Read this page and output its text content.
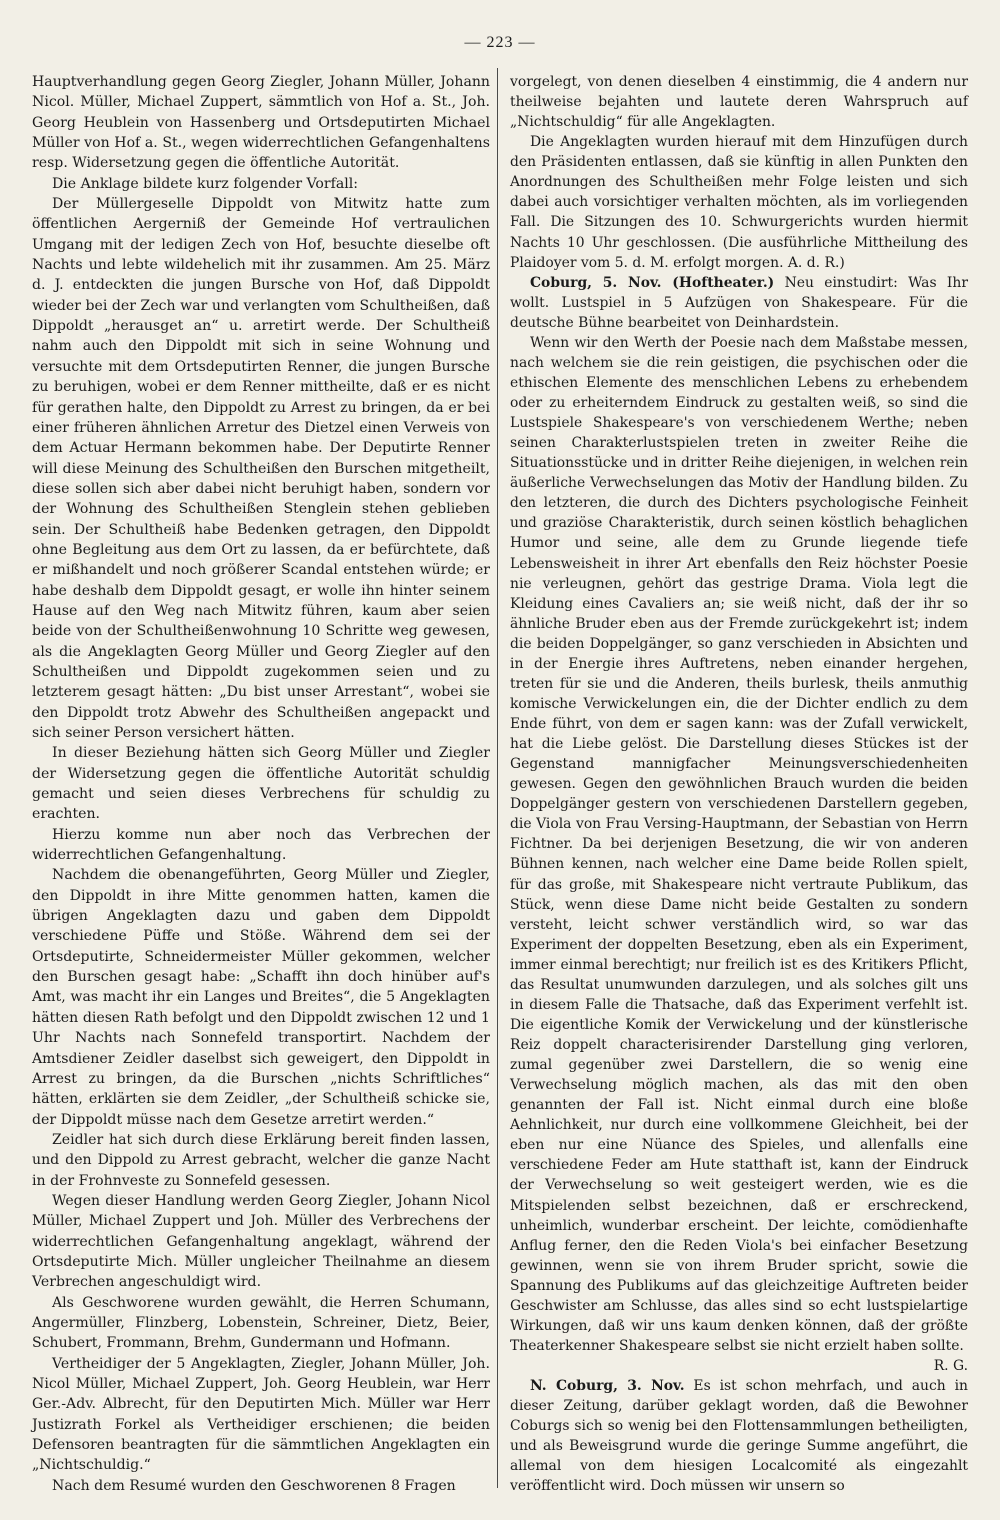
— 223 —

Hauptverhandlung gegen Georg Ziegler, Johann Müller, Johann Nicol. Müller, Michael Zuppert, sämmtlich von Hof a. St., Joh. Georg Heublein von Hassenberg und Ortsdeputirten Michael Müller von Hof a. St., wegen widerrechtlichen Gefangenhaltens resp. Widersetzung gegen die öffentliche Autorität.

Die Anklage bildete kurz folgender Vorfall:

Der Müllergeselle Dippoldt von Mitwitz hatte zum öffentlichen Aergerniß der Gemeinde Hof vertraulichen Umgang mit der ledigen Zech von Hof, besuchte dieselbe oft Nachts und lebte wildehelich mit ihr zusammen. Am 25. März d. J. entdeckten die jungen Bursche von Hof, daß Dippoldt wieder bei der Zech war und verlangten vom Schultheißen, daß Dippoldt „herausget an“ u. arretirt werde. Der Schultheiß nahm auch den Dippoldt mit sich in seine Wohnung und versuchte mit dem Ortsdeputirten Renner, die jungen Bursche zu beruhigen, wobei er dem Renner mittheilte, daß er es nicht für gerathen halte, den Dippoldt zu Arrest zu bringen, da er bei einer früheren ähnlichen Arretur des Dietzel einen Verweis von dem Actuar Hermann bekommen habe. Der Deputirte Renner will diese Meinung des Schultheißen den Burschen mitgetheilt, diese sollen sich aber dabei nicht beruhigt haben, sondern vor der Wohnung des Schultheißen Stenglein stehen geblieben sein. Der Schultheiß habe Bedenken getragen, den Dippoldt ohne Begleitung aus dem Ort zu lassen, da er befürchtete, daß er mißhandelt und noch größerer Scandal entstehen würde; er habe deshalb dem Dippoldt gesagt, er wolle ihn hinter seinem Hause auf den Weg nach Mitwitz führen, kaum aber seien beide von der Schultheißenwohnung 10 Schritte weg gewesen, als die Angeklagten Georg Müller und Georg Ziegler auf den Schultheißen und Dippoldt zugekommen seien und zu letzterem gesagt hätten: „Du bist unser Arrestant“, wobei sie den Dippoldt trotz Abwehr des Schultheißen angepackt und sich seiner Person versichert hätten.

In dieser Beziehung hätten sich Georg Müller und Ziegler der Widersetzung gegen die öffentliche Autorität schuldig gemacht und seien dieses Verbrechens für schuldig zu erachten.

Hierzu komme nun aber noch das Verbrechen der widerrechtlichen Gefangenhaltung.

Nachdem die obenangeführten, Georg Müller und Ziegler, den Dippoldt in ihre Mitte genommen hatten, kamen die übrigen Angeklagten dazu und gaben dem Dippoldt verschiedene Püffe und Stöße. Während dem sei der Ortsdeputirte, Schneidermeister Müller gekommen, welcher den Burschen gesagt habe: „Schafft ihn doch hinüber auf's Amt, was macht ihr ein Langes und Breites“, die 5 Angeklagten hätten diesen Rath befolgt und den Dippoldt zwischen 12 und 1 Uhr Nachts nach Sonnefeld transportirt. Nachdem der Amtsdiener Zeidler daselbst sich geweigert, den Dippoldt in Arrest zu bringen, da die Burschen „nichts Schriftliches“ hätten, erklärten sie dem Zeidler, „der Schultheiß schicke sie, der Dippoldt müsse nach dem Gesetze arretirt werden.“

Zeidler hat sich durch diese Erklärung bereit finden lassen, und den Dippold zu Arrest gebracht, welcher die ganze Nacht in der Frohnveste zu Sonnefeld gesessen.

Wegen dieser Handlung werden Georg Ziegler, Johann Nicol Müller, Michael Zuppert und Joh. Müller des Verbrechens der widerrechtlichen Gefangenhaltung angeklagt, während der Ortsdeputirte Mich. Müller ungleicher Theilnahme an diesem Verbrechen angeschuldigt wird.

Als Geschworene wurden gewählt, die Herren Schumann, Angermüller, Flinzberg, Lobenstein, Schreiner, Dietz, Beier, Schubert, Frommann, Brehm, Gundermann und Hofmann.

Vertheidiger der 5 Angeklagten, Ziegler, Johann Müller, Joh. Nicol Müller, Michael Zuppert, Joh. Georg Heublein, war Herr Ger.-Adv. Albrecht, für den Deputirten Mich. Müller war Herr Justizrath Forkel als Vertheidiger erschienen; die beiden Defensoren beantragten für die sämmtlichen Angeklagten ein „Nichtschuldig.“

Nach dem Resumé wurden den Geschworenen 8 Fragen

vorgelegt, von denen dieselben 4 einstimmig, die 4 andern nur theilweise bejahten und lautete deren Wahrspruch auf „Nichtschuldig“ für alle Angeklagten.

Die Angeklagten wurden hierauf mit dem Hinzufügen durch den Präsidenten entlassen, daß sie künftig in allen Punkten den Anordnungen des Schultheißen mehr Folge leisten und sich dabei auch vorsichtiger verhalten möchten, als im vorliegenden Fall. Die Sitzungen des 10. Schwurgerichts wurden hiermit Nachts 10 Uhr geschlossen. (Die ausführliche Mittheilung des Plaidoyer vom 5. d. M. erfolgt morgen. A. d. R.)

Coburg, 5. Nov. (Hoftheater.) Neu einstudirt: Was Ihr wollt. Lustspiel in 5 Aufzügen von Shakespeare. Für die deutsche Bühne bearbeitet von Deinhardstein.

Wenn wir den Werth der Poesie nach dem Maßstabe messen, nach welchem sie die rein geistigen, die psychischen oder die ethischen Elemente des menschlichen Lebens zu erhebendem oder zu erheiterndem Eindruck zu gestalten weiß, so sind die Lustspiele Shakespeare's von verschiedenem Werthe; neben seinen Charakterlustspielen treten in zweiter Reihe die Situationsstücke und in dritter Reihe diejenigen, in welchen rein äußerliche Verwechselungen das Motiv der Handlung bilden. Zu den letzteren, die durch des Dichters psychologische Feinheit und graziöse Charakteristik, durch seinen köstlich behaglichen Humor und seine, alle dem zu Grunde liegende tiefe Lebensweisheit in ihrer Art ebenfalls den Reiz höchster Poesie nie verleugnen, gehört das gestrige Drama. Viola legt die Kleidung eines Cavaliers an; sie weiß nicht, daß der ihr so ähnliche Bruder eben aus der Fremde zurückgekehrt ist; indem die beiden Doppelgänger, so ganz verschieden in Absichten und in der Energie ihres Auftretens, neben einander hergehen, treten für sie und die Anderen, theils burlesk, theils anmuthig komische Verwickelungen ein, die der Dichter endlich zu dem Ende führt, von dem er sagen kann: was der Zufall verwickelt, hat die Liebe gelöst. Die Darstellung dieses Stückes ist der Gegenstand mannigfacher Meinungsverschiedenheiten gewesen. Gegen den gewöhnlichen Brauch wurden die beiden Doppelgänger gestern von verschiedenen Darstellern gegeben, die Viola von Frau Versing-Hauptmann, der Sebastian von Herrn Fichtner. Da bei derjenigen Besetzung, die wir von anderen Bühnen kennen, nach welcher eine Dame beide Rollen spielt, für das große, mit Shakespeare nicht vertraute Publikum, das Stück, wenn diese Dame nicht beide Gestalten zu sondern versteht, leicht schwer verständlich wird, so war das Experiment der doppelten Besetzung, eben als ein Experiment, immer einmal berechtigt; nur freilich ist es des Kritikers Pflicht, das Resultat unumwunden darzulegen, und als solches gilt uns in diesem Falle die Thatsache, daß das Experiment verfehlt ist. Die eigentliche Komik der Verwickelung und der künstlerische Reiz doppelt characterisirender Darstellung ging verloren, zumal gegenüber zwei Darstellern, die so wenig eine Verwechselung möglich machen, als das mit den oben genannten der Fall ist. Nicht einmal durch eine bloße Aehnlichkeit, nur durch eine vollkommene Gleichheit, bei der eben nur eine Nüance des Spieles, und allenfalls eine verschiedene Feder am Hute statthaft ist, kann der Eindruck der Verwechselung so weit gesteigert werden, wie es die Mitspielenden selbst bezeichnen, daß er erschreckend, unheimlich, wunderbar erscheint. Der leichte, comödienhafte Anflug ferner, den die Reden Viola's bei einfacher Besetzung gewinnen, wenn sie von ihrem Bruder spricht, sowie die Spannung des Publikums auf das gleichzeitige Auftreten beider Geschwister am Schlusse, das alles sind so echt lustspielartige Wirkungen, daß wir uns kaum denken können, daß der größte Theaterkenner Shakespeare selbst sie nicht erzielt haben sollte.

R. G.

N. Coburg, 3. Nov. Es ist schon mehrfach, und auch in dieser Zeitung, darüber geklagt worden, daß die Bewohner Coburgs sich so wenig bei den Flottensammlungen betheiligten, und als Beweisgrund wurde die geringe Summe angeführt, die allemal von dem hiesigen Localcomité als eingezahlt veröffentlicht wird. Doch müssen wir unsern so
